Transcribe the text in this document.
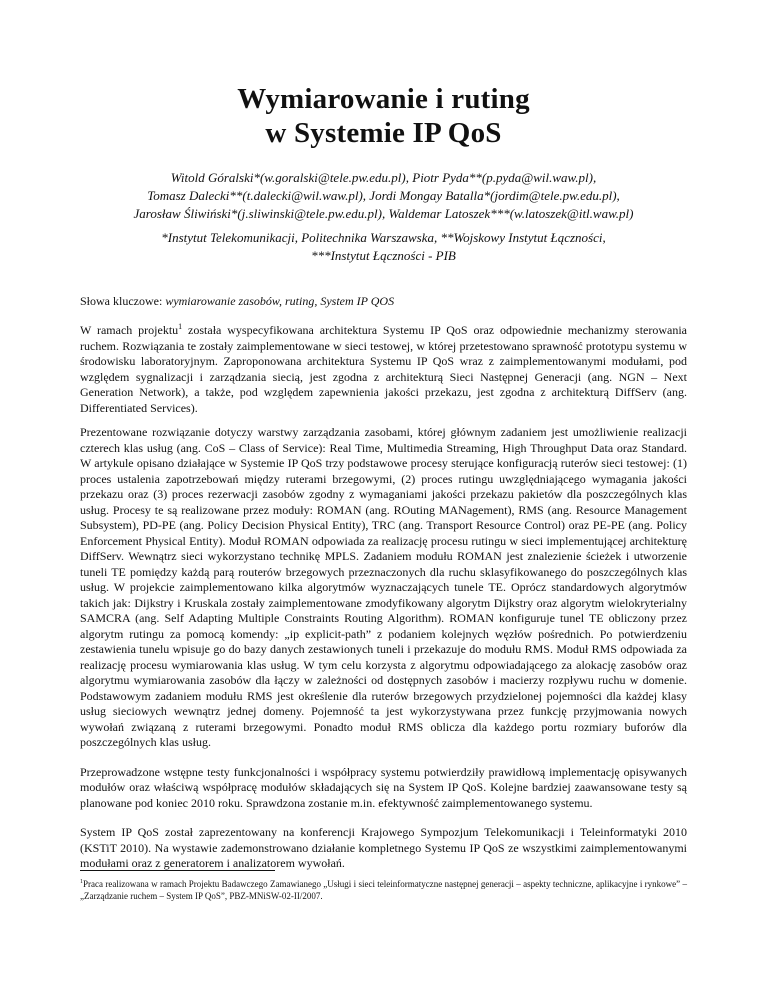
Wymiarowanie i ruting
w Systemie IP QoS
Witold Góralski*(w.goralski@tele.pw.edu.pl), Piotr Pyda**(p.pyda@wil.waw.pl),
Tomasz Dalecki**(t.dalecki@wil.waw.pl), Jordi Mongay Batalla*(jordim@tele.pw.edu.pl),
Jarosław Śliwiński*(j.sliwinski@tele.pw.edu.pl), Waldemar Latoszek***(w.latoszek@itl.waw.pl)
*Instytut Telekomunikacji, Politechnika Warszawska, **Wojskowy Instytut Łączności,
***Instytut Łączności - PIB
Słowa kluczowe: wymiarowanie zasobów, ruting, System IP QOS

W ramach projektu$^1$ została wyspecyfikowana architektura Systemu IP QoS oraz odpowiednie mechanizmy sterowania ruchem. Rozwiązania te zostały zaimplementowane w sieci testowej, w której przetestowano sprawność prototypu systemu w środowisku laboratoryjnym. Zaproponowana architektura Systemu IP QoS wraz z zaimplementowanymi modułami, pod względem sygnalizacji i zarządzania siecią, jest zgodna z architekturą Sieci Następnej Generacji (ang. NGN – Next Generation Network), a także, pod względem zapewnienia jakości przekazu, jest zgodna z architekturą DiffServ (ang. Differentiated Services).

Prezentowane rozwiązanie dotyczy warstwy zarządzania zasobami, której głównym zadaniem jest umożliwienie realizacji czterech klas usług (ang. CoS – Class of Service): Real Time, Multimedia Streaming, High Throughput Data oraz Standard. W artykule opisano działające w Systemie IP QoS trzy podstawowe procesy sterujące konfiguracją ruterów sieci testowej: (1) proces ustalenia zapotrzebowań między ruterami brzegowymi, (2) proces rutingu uwzględniającego wymagania jakości przekazu oraz (3) proces rezerwacji zasobów zgodny z wymaganiami jakości przekazu pakietów dla poszczególnych klas usług. Procesy te są realizowane przez moduły: ROMAN (ang. ROuting MANagement), RMS (ang. Resource Management Subsystem), PD-PE (ang. Policy Decision Physical Entity), TRC (ang. Transport Resource Control) oraz PE-PE (ang. Policy Enforcement Physical Entity). Moduł ROMAN odpowiada za realizację procesu rutingu w sieci implementującej architekturę DiffServ. Wewnątrz sieci wykorzystano technikę MPLS. Zadaniem modułu ROMAN jest znalezienie ścieżek i utworzenie tuneli TE pomiędzy każdą parą routerów brzegowych przeznaczonych dla ruchu sklasyfikowanego do poszczególnych klas usług. W projekcie zaimplementowano kilka algorytmów wyznaczających tunele TE. Oprócz standardowych algorytmów takich jak: Dijkstry i Kruskala zostały zaimplementowane zmodyfikowany algorytm Dijkstry oraz algorytm wielokryterialny SAMCRA (ang. Self Adapting Multiple Constraints Routing Algorithm). ROMAN konfiguruje tunel TE obliczony przez algorytm rutingu za pomocą komendy: „ip explicit-path” z podaniem kolejnych węzłów pośrednich. Po potwierdzeniu zestawienia tunelu wpisuje go do bazy danych zestawionych tuneli i przekazuje do modułu RMS. Moduł RMS odpowiada za realizację procesu wymiarowania klas usług. W tym celu korzysta z algorytmu odpowiadającego za alokację zasobów oraz algorytmu wymiarowania zasobów dla łączy w zależności od dostępnych zasobów i macierzy rozpływu ruchu w domenie. Podstawowym zadaniem modułu RMS jest określenie dla ruterów brzegowych przydzielonej pojemności dla każdej klasy usług sieciowych wewnątrz jednej domeny. Pojemność ta jest wykorzystywana przez funkcję przyjmowania nowych wywołań związaną z ruterami brzegowymi. Ponadto moduł RMS oblicza dla każdego portu rozmiary buforów dla poszczególnych klas usług.

Przeprowadzone wstępne testy funkcjonalności i współpracy systemu potwierdziły prawidłową implementację opisywanych modułów oraz właściwą współpracę modułów składających się na System IP QoS. Kolejne bardziej zaawansowane testy są planowane pod koniec 2010 roku. Sprawdzona zostanie m.in. efektywność zaimplementowanego systemu.

System IP QoS został zaprezentowany na konferencji Krajowego Sympozjum Telekomunikacji i Teleinformatyki 2010 (KSTiT 2010). Na wystawie zademonstrowano działanie kompletnego Systemu IP QoS ze wszystkimi zaimplementowanymi modułami oraz z generatorem i analizatorem wywołań.

$^1$Praca realizowana w ramach Projektu Badawczego Zamawianego „Usługi i sieci teleinformatyczne następnej generacji – aspekty techniczne, aplikacyjne i rynkowe” – „Zarządzanie ruchem – System IP QoS”, PBZ-MNiSW-02-II/2007.
